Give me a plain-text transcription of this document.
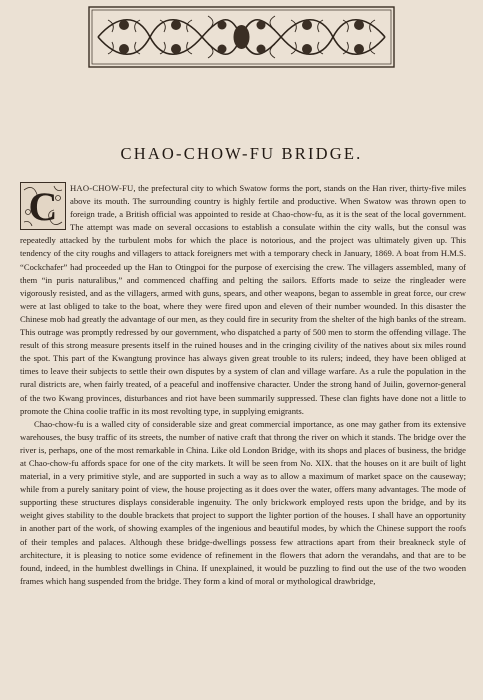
CHAO-CHOW-FU BRIDGE.

C HAO-CHOW-FU, the prefectural city to which Swatow forms the port, stands on the Han river, thirty-five miles above its mouth. The surrounding country is highly fertile and productive. When Swatow was thrown open to foreign trade, a British official was appointed to reside at Chao-chow-fu, as it is the seat of the local government. The attempt was made on several occasions to establish a consulate within the city walls, but the consul was repeatedly attacked by the turbulent mobs for which the place is notorious, and the project was ultimately given up. This tendency of the city roughs and villagers to attack foreigners met with a temporary check in January, 1869. A boat from H.M.S. “Cockchafer” had proceeded up the Han to Otingpoi for the purpose of exercising the crew. The villagers assembled, many of them “in puris naturalibus,” and commenced chaffing and pelting the sailors. Efforts made to seize the ringleader were vigorously resisted, and as the villagers, armed with guns, spears, and other weapons, began to assemble in great force, our crew were at last obliged to take to the boat, where they were fired upon and eleven of their number wounded. In this disaster the Chinese mob had greatly the advantage of our men, as they could fire in security from the shelter of the high banks of the stream. This outrage was promptly redressed by our government, who dispatched a party of 500 men to storm the offending village. The result of this strong measure presents itself in the ruined houses and in the cringing civility of the natives about six miles round the spot. This part of the Kwangtung province has always given great trouble to its rulers; indeed, they have been obliged at times to leave their subjects to settle their own disputes by a system of clan and village warfare. As a rule the population in the rural districts are, when fairly treated, of a peaceful and inoffensive character. Under the strong hand of Juilin, governor-general of the two Kwang provinces, disturbances and riot have been summarily suppressed. These clan fights have done not a little to promote the China coolie traffic in its most revolting type, in supplying emigrants.

Chao-chow-fu is a walled city of considerable size and great commercial importance, as one may gather from its extensive warehouses, the busy traffic of its streets, the number of native craft that throng the river on which it stands. The bridge over the river is, perhaps, one of the most remarkable in China. Like old London Bridge, with its shops and places of business, the bridge at Chao-chow-fu affords space for one of the city markets. It will be seen from No. XIX. that the houses on it are built of light material, in a very primitive style, and are supported in such a way as to allow a maximum of market space on the causeway; while from a purely sanitary point of view, the house projecting as it does over the water, offers many advantages. The mode of supporting these structures displays considerable ingenuity. The only brickwork employed rests upon the bridge, and by its weight gives stability to the double brackets that project to support the lighter portion of the houses. I shall have an opportunity in another part of the work, of showing examples of the ingenious and beautiful modes, by which the Chinese support the roofs of their temples and palaces. Although these bridge-dwellings possess few attractions apart from their breakneck style of architecture, it is pleasing to notice some evidence of refinement in the flowers that adorn the verandahs, and that are to be found, indeed, in the humblest dwellings in China. If unexplained, it would be puzzling to find out the use of the two wooden frames which hang suspended from the bridge. They form a kind of moral or mythological drawbridge,
